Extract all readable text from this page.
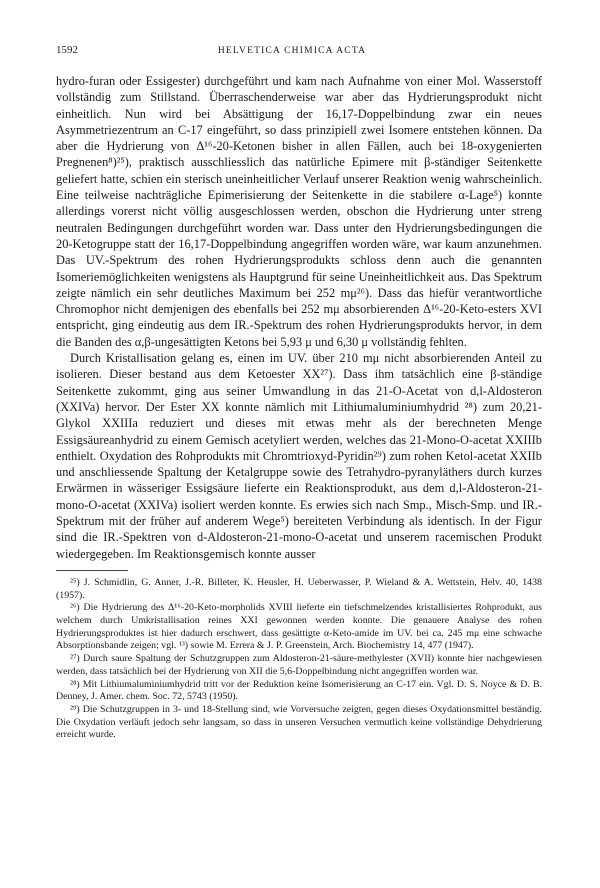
1592	HELVETICA CHIMICA ACTA

hydro-furan oder Essigester) durchgeführt und kam nach Aufnahme von einer Mol. Wasserstoff vollständig zum Stillstand. Überraschenderweise war aber das Hydrierungsprodukt nicht einheitlich. Nun wird bei Absättigung der 16,17-Doppelbindung zwar ein neues Asymmetriezentrum an C-17 eingeführt, so dass prinzipiell zwei Isomere entstehen können. Da aber die Hydrierung von Δ¹⁶-20-Ketonen bisher in allen Fällen, auch bei 18-oxygenierten Pregnenen⁸)²⁵), praktisch ausschliesslich das natürliche Epimere mit β-ständiger Seitenkette geliefert hatte, schien ein sterisch uneinheitlicher Verlauf unserer Reaktion wenig wahrscheinlich. Eine teilweise nachträgliche Epimerisierung der Seitenkette in die stabilere α-Lage⁵) konnte allerdings vorerst nicht völlig ausgeschlossen werden, obschon die Hydrierung unter streng neutralen Bedingungen durchgeführt worden war. Dass unter den Hydrierungsbedingungen die 20-Ketogruppe statt der 16,17-Doppelbindung angegriffen worden wäre, war kaum anzunehmen. Das UV.-Spektrum des rohen Hydrierungsprodukts schloss denn auch die genannten Isomeriemöglichkeiten wenigstens als Hauptgrund für seine Uneinheitlichkeit aus. Das Spektrum zeigte nämlich ein sehr deutliches Maximum bei 252 mμ²⁶). Dass das hiefür verantwortliche Chromophor nicht demjenigen des ebenfalls bei 252 mμ absorbierenden Δ¹⁶-20-Keto-esters XVI entspricht, ging eindeutig aus dem IR.-Spektrum des rohen Hydrierungsprodukts hervor, in dem die Banden des α,β-ungesättigten Ketons bei 5,93 μ und 6,30 μ vollständig fehlten.

Durch Kristallisation gelang es, einen im UV. über 210 mμ nicht absorbierenden Anteil zu isolieren. Dieser bestand aus dem Ketoester XX²⁷). Dass ihm tatsächlich eine β-ständige Seitenkette zukommt, ging aus seiner Umwandlung in das 21-O-Acetat von d,l-Aldosteron (XXIVa) hervor. Der Ester XX konnte nämlich mit Lithiumaluminiumhydrid ²⁸) zum 20,21-Glykol XXIIIa reduziert und dieses mit etwas mehr als der berechneten Menge Essigsäureanhydrid zu einem Gemisch acetyliert werden, welches das 21-Mono-O-acetat XXIIIb enthielt. Oxydation des Rohprodukts mit Chromtrioxyd-Pyridin²⁹) zum rohen Ketol-acetat XXIIb und anschliessende Spaltung der Ketalgruppe sowie des Tetrahydro-pyranyläthers durch kurzes Erwärmen in wässeriger Essigsäure lieferte ein Reaktionsprodukt, aus dem d,l-Aldosteron-21-mono-O-acetat (XXIVa) isoliert werden konnte. Es erwies sich nach Smp., Misch-Smp. und IR.-Spektrum mit der früher auf anderem Wege⁵) bereiteten Verbindung als identisch. In der Figur sind die IR.-Spektren von d-Aldosteron-21-mono-O-acetat und unserem racemischen Produkt wiedergegeben. Im Reaktionsgemisch konnte ausser

²⁵) J. Schmidlin, G. Anner, J.-R. Billeter, K. Heusler, H. Ueberwasser, P. Wieland & A. Wettstein, Helv. 40, 1438 (1957).

²⁶) Die Hydrierung des Δ¹⁶-20-Keto-morpholids XVIII lieferte ein tiefschmelzendes kristallisiertes Rohprodukt, aus welchem durch Umkristallisation reines XXI gewonnen werden konnte. Die genauere Analyse des rohen Hydrierungsproduktes ist hier dadurch erschwert, dass gesättigte α-Keto-amide im UV. bei ca. 245 mμ eine schwache Absorptionsbande zeigen; vgl. ¹³) sowie M. Errera & J. P. Greenstein, Arch. Biochemistry 14, 477 (1947).

²⁷) Durch saure Spaltung der Schutzgruppen zum Aldosteron-21-säure-methylester (XVII) konnte hier nachgewiesen werden, dass tatsächlich bei der Hydrierung von XII die 5,6-Doppelbindung nicht angegriffen worden war.

²⁸) Mit Lithiumaluminiumhydrid tritt vor der Reduktion keine Isomerisierung an C-17 ein. Vgl. D. S. Noyce & D. B. Denney, J. Amer. chem. Soc. 72, 5743 (1950).

²⁹) Die Schutzgruppen in 3- und 18-Stellung sind, wie Vorversuche zeigten, gegen dieses Oxydationsmittel beständig. Die Oxydation verläuft jedoch sehr langsam, so dass in unseren Versuchen vermutlich keine vollständige Dehydrierung erreicht wurde.
